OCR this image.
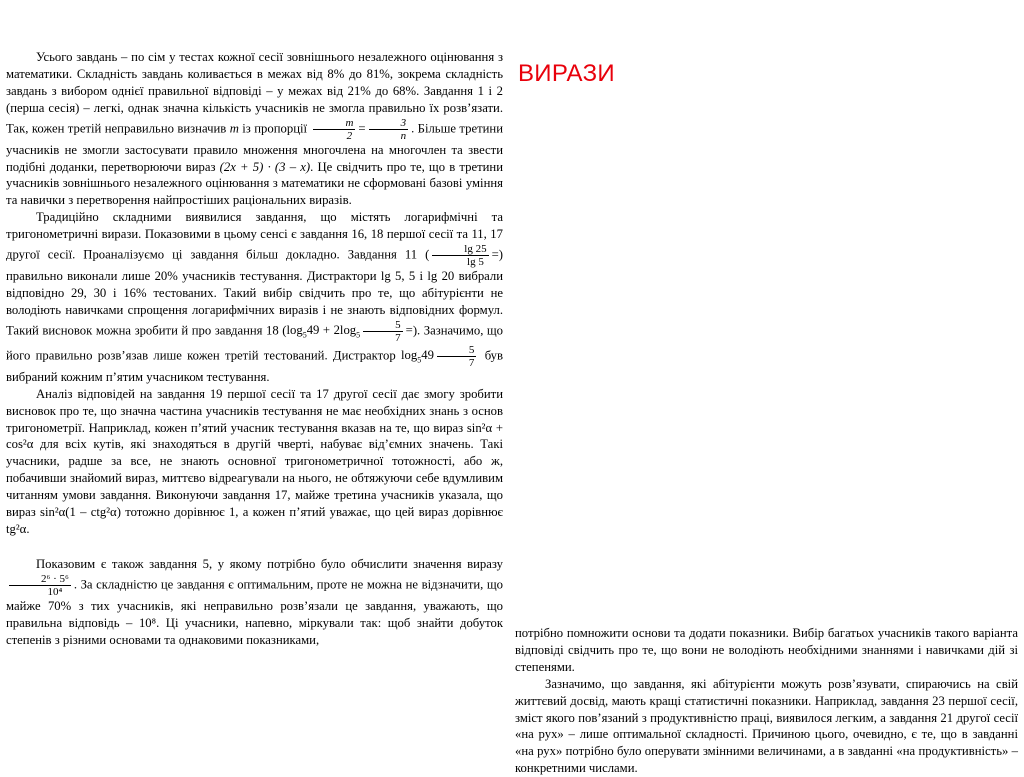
ВИРАЗИ

Усього завдань – по сім у тестах кожної сесії зовнішнього незалежного оцінювання з математики. Складність завдань коливається в межах від 8% до 81%, зокрема складність завдань з вибором однієї правильної відповіді – у межах від 21% до 68%. Завдання 1 і 2 (перша сесія) – легкі, однак значна кількість учасників не змогла правильно їх розв’язати. Так, кожен третій неправильно визначив m із пропорції $\frac{m}{2} = \frac{3}{n}$ . Більше третини учасників не змогли застосувати правило множення многочлена на многочлен та звести подібні доданки, перетворюючи вираз (2x + 5) · (3 – x). Це свідчить про те, що в третини учасників зовнішнього незалежного оцінювання з математики не сформовані базові уміння та навички з перетворення найпростіших раціональних виразів.

Традиційно складними виявилися завдання, що містять логарифмічні та тригонометричні вирази. Показовими в цьому сенсі є завдання 16, 18 першої сесії та 11, 17 другої сесії. Проаналізуємо ці завдання більш докладно. Завдання 11 ( $\frac{\lg 25}{\lg 5}$ =) правильно виконали лише 20% учасників тестування. Дистрактори lg 5, 5 і lg 20 вибрали відповідно 29, 30 і 16% тестованих. Такий вибір свідчить про те, що абітурієнти не володіють навичками спрощення логарифмічних виразів і не знають відповідних формул. Такий висновок можна зробити й про завдання 18 ($\log_549 + 2\log_5 \frac{5}{7}$ =). Зазначимо, що його правильно розв’язав лише кожен третій тестований. Дистрактор $\log_549 \frac{5}{7}$ був вибраний кожним п’ятим учасником тестування.

Аналіз відповідей на завдання 19 першої сесії та 17 другої сесії дає змогу зробити висновок про те, що значна частина учасників тестування не має необхідних знань з основ тригонометрії. Наприклад, кожен п’ятий учасник тестування вказав на те, що вираз sin²α + cos²α для всіх кутів, які знаходяться в другій чверті, набуває від’ємних значень. Такі учасники, радше за все, не знають основної тригонометричної тотожності, або ж, побачивши знайомий вираз, миттєво відреагували на нього, не обтяжуючи себе вдумливим читанням умови завдання. Виконуючи завдання 17, майже третина учасників указала, що вираз sin²α(1 – ctg²α) тотожно дорівнює 1, а кожен п’ятий уважає, що цей вираз дорівнює tg²α.

Показовим є також завдання 5, у якому потрібно було обчислити значення виразу
$\frac{\text{2⁶ · 5⁶}}{\text{10⁴}}$ . За складністю це завдання є оптимальним, проте не можна не відзначити, що майже 70% з тих учасників, які неправильно розв’язали це завдання, уважають, що правильна відповідь – 10⁸. Ці учасники, напевно, міркували так: щоб знайти добуток степенів з різними основами та однаковими показниками,	потрібно помножити основи та додати показники. Вибір багатьох учасників такого варіанта відповіді свідчить про те, що вони не володіють необхідними знаннями і навичками дій зі степенями.

Зазначимо, що завдання, які абітурієнти можуть розв’язувати, спираючись на свій життєвий досвід, мають кращі статистичні показники. Наприклад, завдання 23 першої сесії, зміст якого пов’язаний з продуктивністю праці, виявилося легким, а завдання 21 другої сесії «на рух» – лише оптимальної складності. Причиною цього, очевидно, є те, що в завданні «на рух» потрібно було оперувати змінними величинами, а в завданні «на продуктивність» – конкретними числами.
